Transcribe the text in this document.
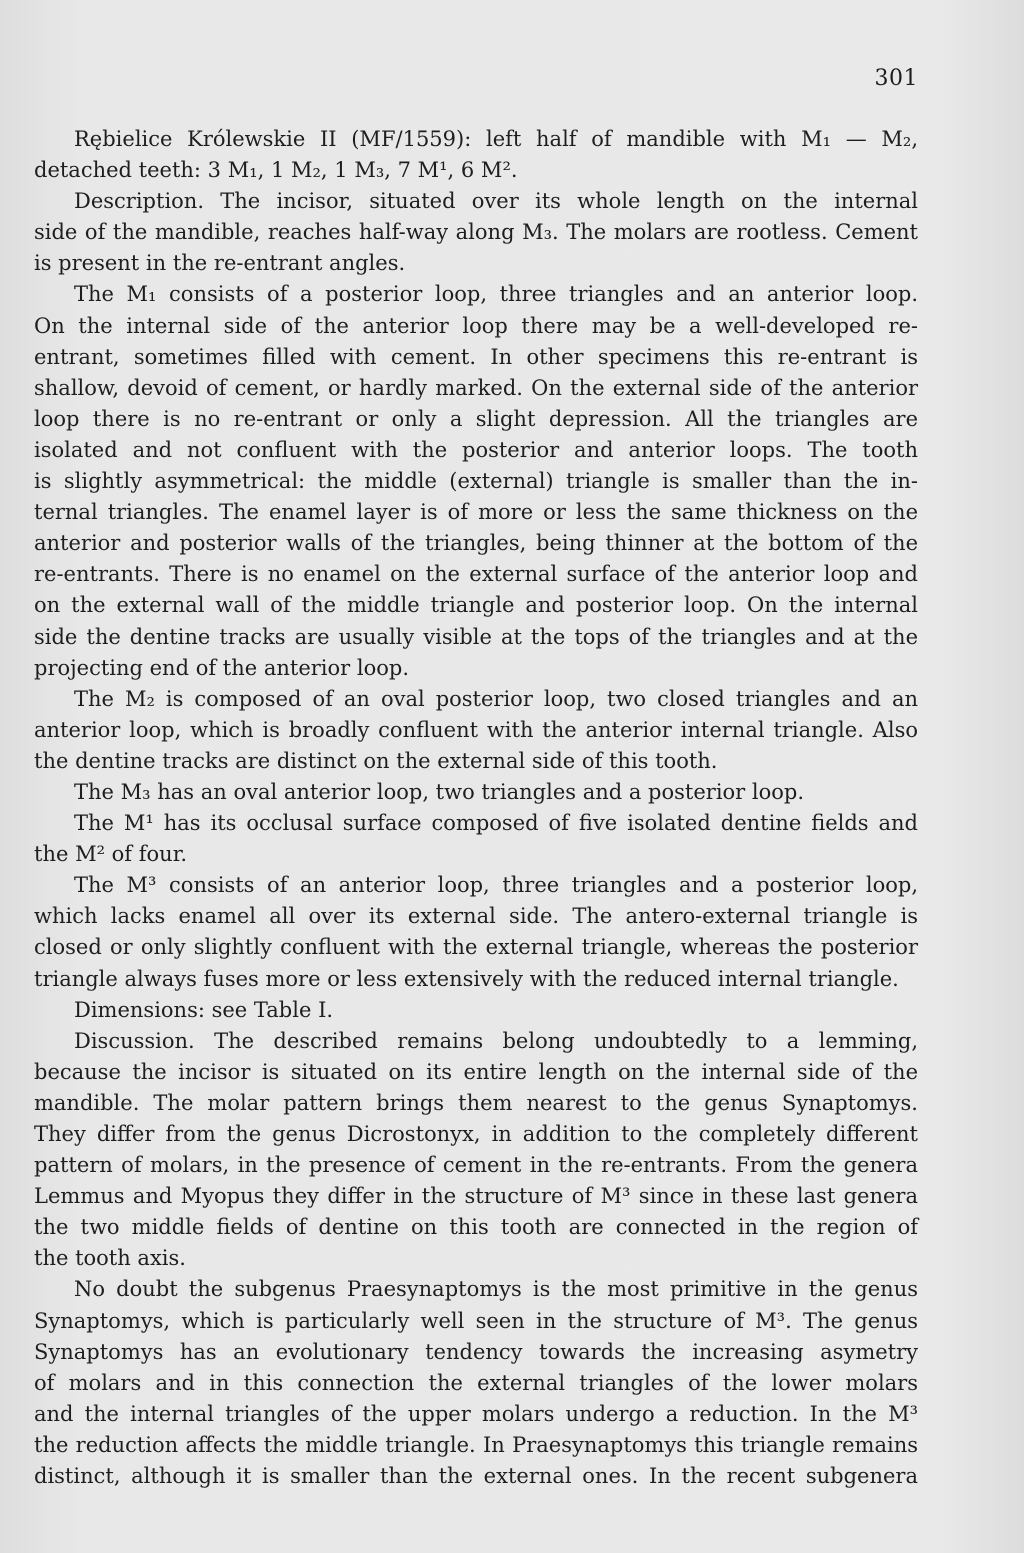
301
Rębielice Królewskie II (MF/1559): left half of mandible with M₁ — M₂,
detached teeth: 3 M₁, 1 M₂, 1 M₃, 7 M¹, 6 M².
Description. The incisor, situated over its whole length on the internal
side of the mandible, reaches half-way along M₃. The molars are rootless. Cement
is present in the re-entrant angles.
The M₁ consists of a posterior loop, three triangles and an anterior loop.
On the internal side of the anterior loop there may be a well-developed re-
entrant, sometimes filled with cement. In other specimens this re-entrant is
shallow, devoid of cement, or hardly marked. On the external side of the anterior
loop there is no re-entrant or only a slight depression. All the triangles are
isolated and not confluent with the posterior and anterior loops. The tooth
is slightly asymmetrical: the middle (external) triangle is smaller than the in-
ternal triangles. The enamel layer is of more or less the same thickness on the
anterior and posterior walls of the triangles, being thinner at the bottom of the
re-entrants. There is no enamel on the external surface of the anterior loop and
on the external wall of the middle triangle and posterior loop. On the internal
side the dentine tracks are usually visible at the tops of the triangles and at the
projecting end of the anterior loop.
The M₂ is composed of an oval posterior loop, two closed triangles and an
anterior loop, which is broadly confluent with the anterior internal triangle. Also
the dentine tracks are distinct on the external side of this tooth.
The M₃ has an oval anterior loop, two triangles and a posterior loop.
The M¹ has its occlusal surface composed of five isolated dentine fields and
the M² of four.
The M³ consists of an anterior loop, three triangles and a posterior loop,
which lacks enamel all over its external side. The antero-external triangle is
closed or only slightly confluent with the external triangle, whereas the posterior
triangle always fuses more or less extensively with the reduced internal triangle.
Dimensions: see Table I.
Discussion. The described remains belong undoubtedly to a lemming,
because the incisor is situated on its entire length on the internal side of the
mandible. The molar pattern brings them nearest to the genus Synaptomys.
They differ from the genus Dicrostonyx, in addition to the completely different
pattern of molars, in the presence of cement in the re-entrants. From the genera
Lemmus and Myopus they differ in the structure of M³ since in these last genera
the two middle fields of dentine on this tooth are connected in the region of
the tooth axis.
No doubt the subgenus Praesynaptomys is the most primitive in the genus
Synaptomys, which is particularly well seen in the structure of M³. The genus
Synaptomys has an evolutionary tendency towards the increasing asymetry
of molars and in this connection the external triangles of the lower molars
and the internal triangles of the upper molars undergo a reduction. In the M³
the reduction affects the middle triangle. In Praesynaptomys this triangle remains
distinct, although it is smaller than the external ones. In the recent subgenera
